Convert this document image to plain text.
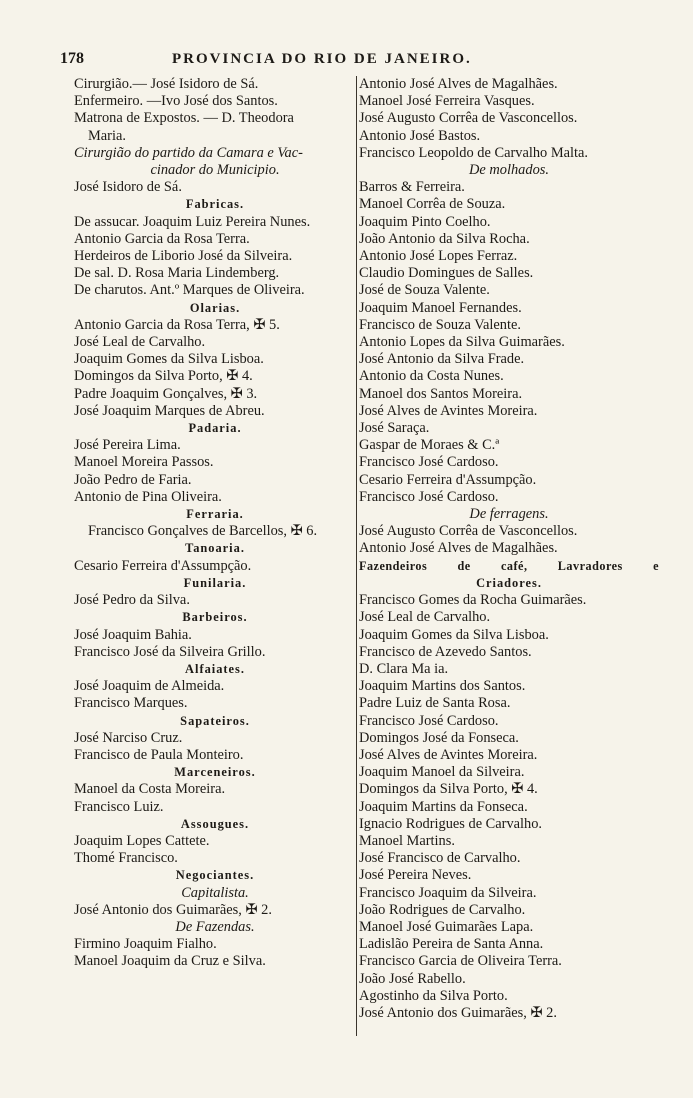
178	PROVINCIA DO RIO DE JANEIRO.
Cirurgião.— José Isidoro de Sá.
Enfermeiro. —Ivo José dos Santos.
Matrona de Expostos. — D. Theodora
Maria.
Cirurgião do partido da Camara e Vac-
cinador do Municipio.
José Isidoro de Sá.
Fabricas.
De assucar. Joaquim Luiz Pereira Nunes.
Antonio Garcia da Rosa Terra.
Herdeiros de Liborio José da Silveira.
De sal. D. Rosa Maria Lindemberg.
De charutos. Ant.º Marques de Oliveira.
Olarias.
Antonio Garcia da Rosa Terra, ✠ 5.
José Leal de Carvalho.
Joaquim Gomes da Silva Lisboa.
Domingos da Silva Porto, ✠ 4.
Padre Joaquim Gonçalves, ✠ 3.
José Joaquim Marques de Abreu.
Padaria.
José Pereira Lima.
Manoel Moreira Passos.
João Pedro de Faria.
Antonio de Pina Oliveira.
Ferraria.
Francisco Gonçalves de Barcellos, ✠ 6.
Tanoaria.
Cesario Ferreira d'Assumpção.
Funilaria.
José Pedro da Silva.
Barbeiros.
José Joaquim Bahia.
Francisco José da Silveira Grillo.
Alfaiates.
José Joaquim de Almeida.
Francisco Marques.
Sapateiros.
José Narciso Cruz.
Francisco de Paula Monteiro.
Marceneiros.
Manoel da Costa Moreira.
Francisco Luiz.
Assougues.
Joaquim Lopes Cattete.
Thomé Francisco.
Negociantes.
Capitalista.
José Antonio dos Guimarães, ✠ 2.
De Fazendas.
Firmino Joaquim Fialho.
Manoel Joaquim da Cruz e Silva.
Antonio José Alves de Magalhães.
Manoel José Ferreira Vasques.
José Augusto Corrêa de Vasconcellos.
Antonio José Bastos.
Francisco Leopoldo de Carvalho Malta.
De molhados.
Barros & Ferreira.
Manoel Corrêa de Souza.
Joaquim Pinto Coelho.
João Antonio da Silva Rocha.
Antonio José Lopes Ferraz.
Claudio Domingues de Salles.
José de Souza Valente.
Joaquim Manoel Fernandes.
Francisco de Souza Valente.
Antonio Lopes da Silva Guimarães.
José Antonio da Silva Frade.
Antonio da Costa Nunes.
Manoel dos Santos Moreira.
José Alves de Avintes Moreira.
José Saraça.
Gaspar de Moraes & C.ª
Francisco José Cardoso.
Cesario Ferreira d'Assumpção.
Francisco José Cardoso.
De ferragens.
José Augusto Corrêa de Vasconcellos.
Antonio José Alves de Magalhães.
Fazendeiros de café, Lavradores e
Criadores.
Francisco Gomes da Rocha Guimarães.
José Leal de Carvalho.
Joaquim Gomes da Silva Lisboa.
Francisco de Azevedo Santos.
D. Clara Ma ia.
Joaquim Martins dos Santos.
Padre Luiz de Santa Rosa.
Francisco José Cardoso.
Domingos José da Fonseca.
José Alves de Avintes Moreira.
Joaquim Manoel da Silveira.
Domingos da Silva Porto, ✠ 4.
Joaquim Martins da Fonseca.
Ignacio Rodrigues de Carvalho.
Manoel Martins.
José Francisco de Carvalho.
José Pereira Neves.
Francisco Joaquim da Silveira.
João Rodrigues de Carvalho.
Manoel José Guimarães Lapa.
Ladislão Pereira de Santa Anna.
Francisco Garcia de Oliveira Terra.
João José Rabello.
Agostinho da Silva Porto.
José Antonio dos Guimarães, ✠ 2.
